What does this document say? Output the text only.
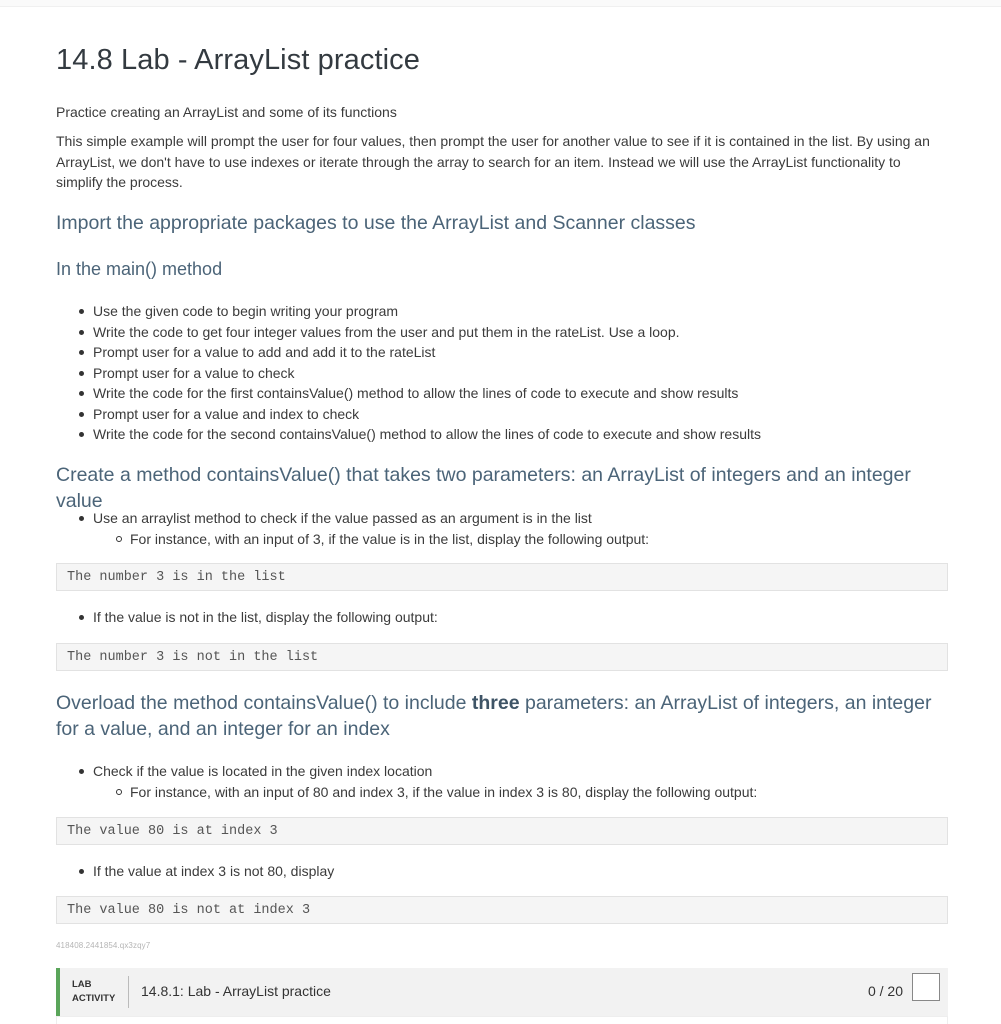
14.8 Lab - ArrayList practice

Practice creating an ArrayList and some of its functions

This simple example will prompt the user for four values, then prompt the user for another value to see if it is contained in the list. By using an ArrayList, we don't have to use indexes or iterate through the array to search for an item. Instead we will use the ArrayList functionality to simplify the process.

Import the appropriate packages to use the ArrayList and Scanner classes
In the main() method
Use the given code to begin writing your program
Write the code to get four integer values from the user and put them in the rateList. Use a loop.
Prompt user for a value to add and add it to the rateList
Prompt user for a value to check
Write the code for the first containsValue() method to allow the lines of code to execute and show results
Prompt user for a value and index to check
Write the code for the second containsValue() method to allow the lines of code to execute and show results
Create a method containsValue() that takes two parameters: an ArrayList of integers and an integer value
Use an arraylist method to check if the value passed as an argument is in the list
For instance, with an input of 3, if the value is in the list, display the following output:
The number 3 is in the list
If the value is not in the list, display the following output:
The number 3 is not in the list
Overload the method containsValue() to include three parameters: an ArrayList of integers, an integer for a value, and an integer for an index
Check if the value is located in the given index location
For instance, with an input of 80 and index 3, if the value in index 3 is 80, display the following output:
The value 80 is at index 3
If the value at index 3 is not 80, display
The value 80 is not at index 3
418408.2441854.qx3zqy7
LAB
ACTIVITY 14.8.1: Lab - ArrayList practice	0 / 20
